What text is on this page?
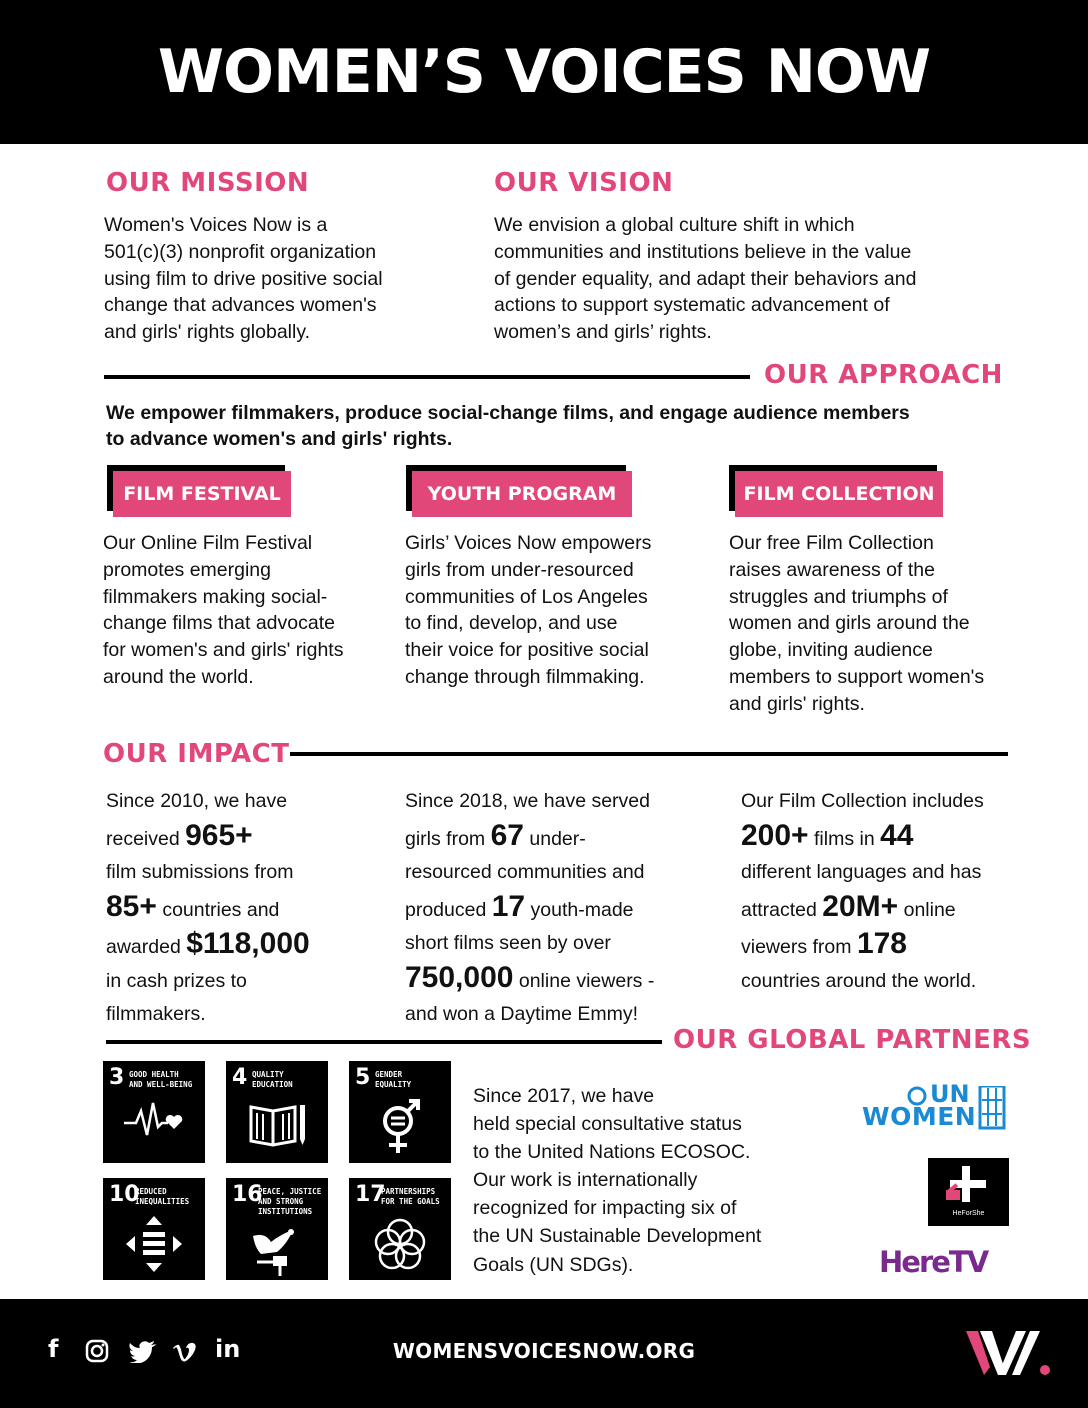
WOMEN’S VOICES NOW
OUR MISSION
Women's Voices Now is a
501(c)(3) nonprofit organization
using film to drive positive social
change that advances women's
and girls' rights globally.
OUR VISION
We envision a global culture shift in which
communities and institutions believe in the value
of gender equality, and adapt their behaviors and
actions to support systematic advancement of
women’s and girls’ rights.
OUR APPROACH
We empower filmmakers, produce social-change films, and engage audience members
to advance women's and girls' rights.
FILM FESTIVAL	YOUTH PROGRAM	FILM COLLECTION
Our Online Film Festival
promotes emerging
filmmakers making social-
change films that advocate
for women's and girls' rights
around the world.
Girls’ Voices Now empowers
girls from under-resourced
communities of Los Angeles
to find, develop, and use
their voice for positive social
change through filmmaking.
Our free Film Collection
raises awareness of the
struggles and triumphs of
women and girls around the
globe, inviting audience
members to support women's
and girls' rights.
OUR IMPACT
Since 2010, we have
received 965+
film submissions from
85+ countries and
awarded $118,000
in cash prizes to
filmmakers.
Since 2018, we have served
girls from 67 under-
resourced communities and
produced 17 youth-made
short films seen by over
750,000 online viewers -
and won a Daytime Emmy!
Our Film Collection includes
200+ films in 44
different languages and has
attracted 20M+ online
viewers from 178
countries around the world.
OUR GLOBAL PARTNERS
3 GOOD HEALTH
AND WELL-BEING 4 QUALITY
EDUCATION	5 GENDER
EQUALITY
10
REDUCED
INEQUALITIES 16
PEACE, JUSTICE
AND STRONG
INSTITUTIONS
17
PARTNERSHIPS
FOR THE GOALS
Since 2017, we have
held special consultative status
to the United Nations ECOSOC.
Our work is internationally
recognized for impacting six of
the UN Sustainable Development
Goals (UN SDGs).
UN
WOMEN
HeForShe
HereTV
f	in	WOMENSVOICESNOW.ORG
